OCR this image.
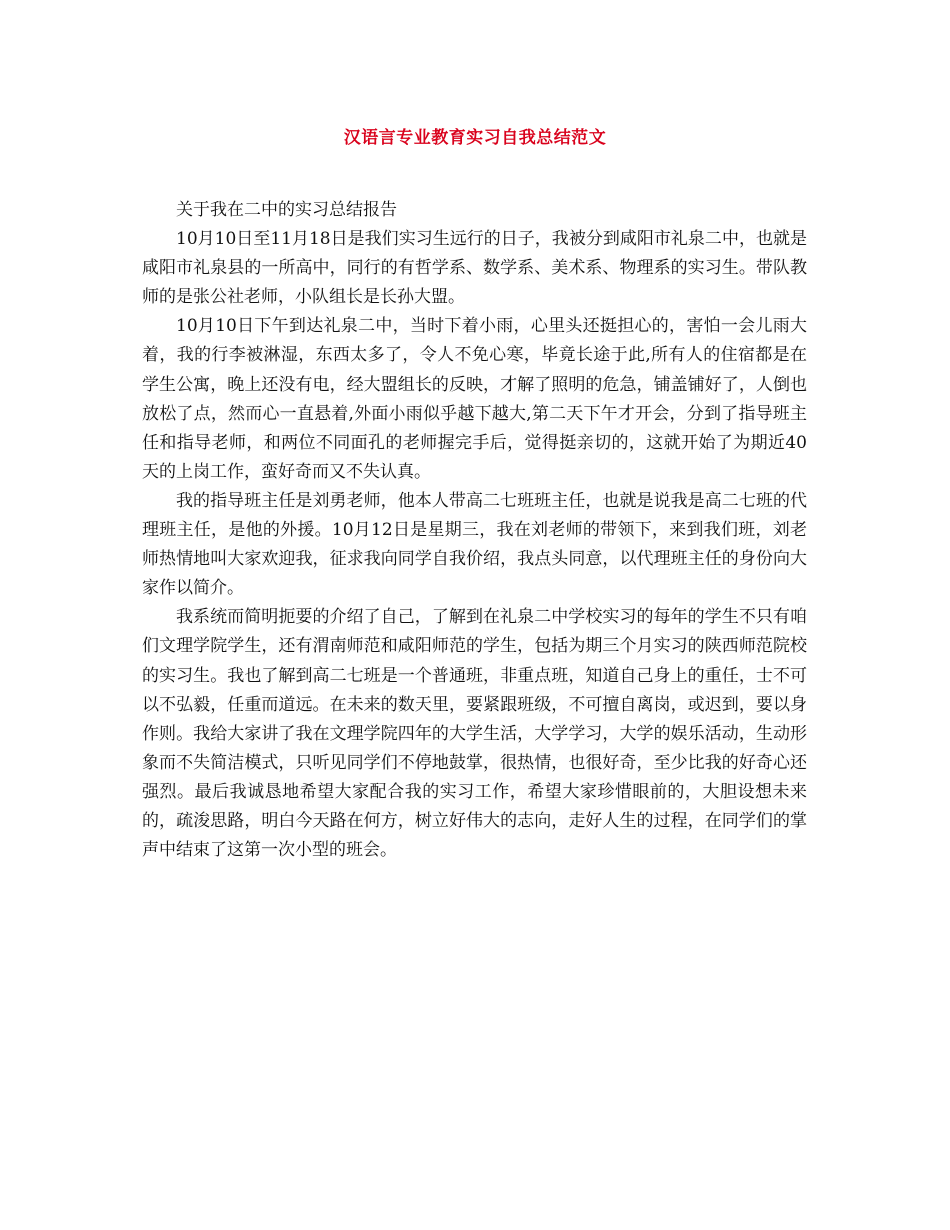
汉语言专业教育实习自我总结范文

关于我在二中的实习总结报告

10月10日至11月18日是我们实习生远行的日子，我被分到咸阳市礼泉二中，也就是咸阳市礼泉县的一所高中，同行的有哲学系、数学系、美术系、物理系的实习生。带队教师的是张公社老师，小队组长是长孙大盟。

10月10日下午到达礼泉二中，当时下着小雨，心里头还挺担心的，害怕一会儿雨大着，我的行李被淋湿，东西太多了，令人不免心寒，毕竟长途于此,所有人的住宿都是在学生公寓，晚上还没有电，经大盟组长的反映，才解了照明的危急，铺盖铺好了，人倒也放松了点，然而心一直悬着,外面小雨似乎越下越大,第二天下午才开会，分到了指导班主任和指导老师，和两位不同面孔的老师握完手后，觉得挺亲切的，这就开始了为期近40天的上岗工作，蛮好奇而又不失认真。

我的指导班主任是刘勇老师，他本人带高二七班班主任，也就是说我是高二七班的代理班主任，是他的外援。10月12日是星期三，我在刘老师的带领下，来到我们班，刘老师热情地叫大家欢迎我，征求我向同学自我价绍，我点头同意，以代理班主任的身份向大家作以简介。

我系统而简明扼要的介绍了自己，了解到在礼泉二中学校实习的每年的学生不只有咱们文理学院学生，还有渭南师范和咸阳师范的学生，包括为期三个月实习的陕西师范院校的实习生。我也了解到高二七班是一个普通班，非重点班，知道自己身上的重任，士不可以不弘毅，任重而道远。在未来的数天里，要紧跟班级，不可擅自离岗，或迟到，要以身作则。我给大家讲了我在文理学院四年的大学生活，大学学习，大学的娱乐活动，生动形象而不失简洁模式，只听见同学们不停地鼓掌，很热情，也很好奇，至少比我的好奇心还强烈。最后我诚恳地希望大家配合我的实习工作，希望大家珍惜眼前的，大胆设想未来的，疏浚思路，明白今天路在何方，树立好伟大的志向，走好人生的过程，在同学们的掌声中结束了这第一次小型的班会。
